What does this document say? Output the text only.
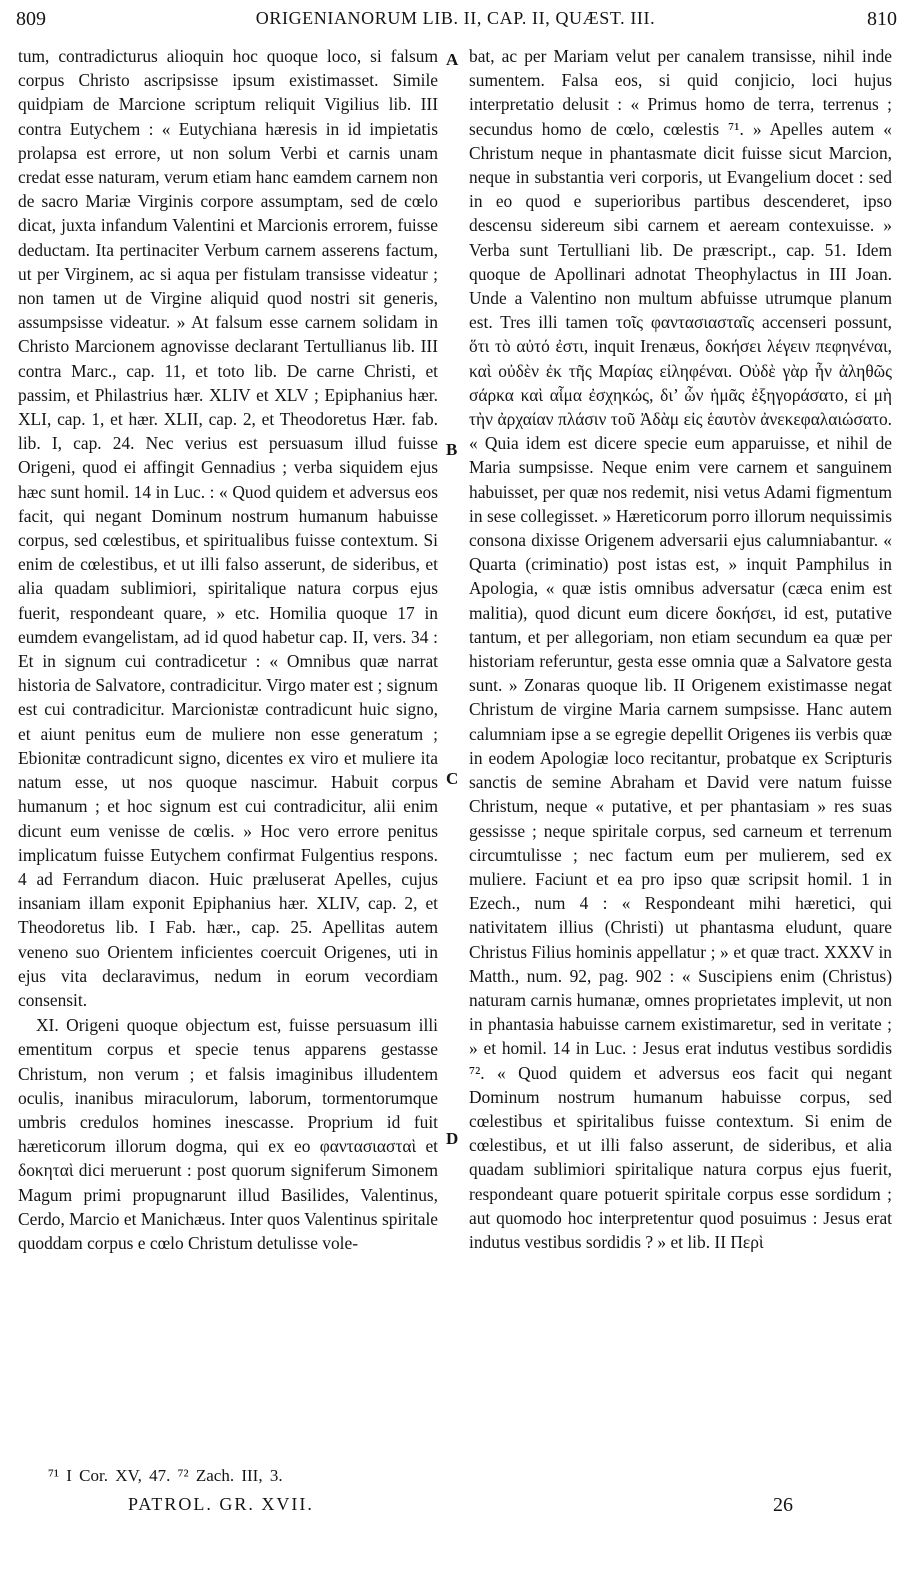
809	ORIGENIANORUM LIB. II, CAP. II, QUÆST. III.	810

tum, contradicturus alioquin hoc quoque loco, si falsum corpus Christo ascripsisse ipsum existimasset. Simile quidpiam de Marcione scriptum reliquit Vigilius lib. III contra Eutychem : « Eutychiana hæresis in id impietatis prolapsa est errore, ut non solum Verbi et carnis unam credat esse naturam, verum etiam hanc eamdem carnem non de sacro Mariæ Virginis corpore assumptam, sed de cœlo dicat, juxta infandum Valentini et Marcionis errorem, fuisse deductam. Ita pertinaciter Verbum carnem asserens factum, ut per Virginem, ac si aqua per fistulam transisse videatur ; non tamen ut de Virgine aliquid quod nostri sit generis, assumpsisse videatur. » At falsum esse carnem solidam in Christo Marcionem agnovisse declarant Tertullianus lib. III contra Marc., cap. 11, et toto lib. De carne Christi, et passim, et Philastrius hær. XLIV et XLV ; Epiphanius hær. XLI, cap. 1, et hær. XLII, cap. 2, et Theodoretus Hær. fab. lib. I, cap. 24. Nec verius est persuasum illud fuisse Origeni, quod ei affingit Gennadius ; verba siquidem ejus hæc sunt homil. 14 in Luc. : « Quod quidem et adversus eos facit, qui negant Dominum nostrum humanum habuisse corpus, sed cœlestibus, et spiritualibus fuisse contextum. Si enim de cœlestibus, et ut illi falso asserunt, de sideribus, et alia quadam sublimiori, spiritalique natura corpus ejus fuerit, respondeant quare, » etc. Homilia quoque 17 in eumdem evangelistam, ad id quod habetur cap. II, vers. 34 : Et in signum cui contradicetur : « Omnibus quæ narrat historia de Salvatore, contradicitur. Virgo mater est ; signum est cui contradicitur. Marcionistæ contradicunt huic signo, et aiunt penitus eum de muliere non esse generatum ; Ebionitæ contradicunt signo, dicentes ex viro et muliere ita natum esse, ut nos quoque nascimur. Habuit corpus humanum ; et hoc signum est cui contradicitur, alii enim dicunt eum venisse de cœlis. » Hoc vero errore penitus implicatum fuisse Eutychem confirmat Fulgentius respons. 4 ad Ferrandum diacon. Huic præluserat Apelles, cujus insaniam illam exponit Epiphanius hær. XLIV, cap. 2, et Theodoretus lib. I Fab. hær., cap. 25. Apellitas autem veneno suo Orientem inficientes coercuit Origenes, uti in ejus vita declaravimus, nedum in eorum vecordiam consensit.

XI. Origeni quoque objectum est, fuisse persuasum illi ementitum corpus et specie tenus apparens gestasse Christum, non verum ; et falsis imaginibus illudentem oculis, inanibus miraculorum, laborum, tormentorumque umbris credulos homines inescasse. Proprium id fuit hæreticorum illorum dogma, qui ex eo φαντασιασταὶ et δοκηταὶ dici meruerunt : post quorum signiferum Simonem Magum primi propugnarunt illud Basilides, Valentinus, Cerdo, Marcio et Manichæus. Inter quos Valentinus spiritale quoddam corpus e cœlo Christum detulisse vole-

bat, ac per Mariam velut per canalem transisse, nihil inde sumentem. Falsa eos, si quid conjicio, loci hujus interpretatio delusit : « Primus homo de terra, terrenus ; secundus homo de cœlo, cœlestis ⁷¹. » Apelles autem « Christum neque in phantasmate dicit fuisse sicut Marcion, neque in substantia veri corporis, ut Evangelium docet : sed in eo quod e superioribus partibus descenderet, ipso descensu sidereum sibi carnem et aeream contexuisse. » Verba sunt Tertulliani lib. De præscript., cap. 51. Idem quoque de Apollinari adnotat Theophylactus in III Joan. Unde a Valentino non multum abfuisse utrumque planum est. Tres illi tamen τοῖς φαντασιασταῖς accenseri possunt, ὅτι τὸ αὐτό ἐστι, inquit Irenæus, δοκήσει λέγειν πεφηνέναι, καὶ οὐδὲν ἐκ τῆς Μαρίας εἰληφέναι. Οὐδὲ γὰρ ἦν ἀληθῶς σάρκα καὶ αἷμα ἐσχηκώς, δι’ ὧν ἡμᾶς ἐξηγοράσατο, εἰ μὴ τὴν ἀρχαίαν πλάσιν τοῦ Ἀδὰμ εἰς ἑαυτὸν ἀνεκεφαλαιώσατο. « Quia idem est dicere specie eum apparuisse, et nihil de Maria sumpsisse. Neque enim vere carnem et sanguinem habuisset, per quæ nos redemit, nisi vetus Adami figmentum in sese collegisset. » Hæreticorum porro illorum nequissimis consona dixisse Origenem adversarii ejus calumniabantur. « Quarta (criminatio) post istas est, » inquit Pamphilus in Apologia, « quæ istis omnibus adversatur (cæca enim est malitia), quod dicunt eum dicere δοκήσει, id est, putative tantum, et per allegoriam, non etiam secundum ea quæ per historiam referuntur, gesta esse omnia quæ a Salvatore gesta sunt. » Zonaras quoque lib. II Origenem existimasse negat Christum de virgine Maria carnem sumpsisse. Hanc autem calumniam ipse a se egregie depellit Origenes iis verbis quæ in eodem Apologiæ loco recitantur, probatque ex Scripturis sanctis de semine Abraham et David vere natum fuisse Christum, neque « putative, et per phantasiam » res suas gessisse ; neque spiritale corpus, sed carneum et terrenum circumtulisse ; nec factum eum per mulierem, sed ex muliere. Faciunt et ea pro ipso quæ scripsit homil. 1 in Ezech., num 4 : « Respondeant mihi hæretici, qui nativitatem illius (Christi) ut phantasma eludunt, quare Christus Filius hominis appellatur ; » et quæ tract. XXXV in Matth., num. 92, pag. 902 : « Suscipiens enim (Christus) naturam carnis humanæ, omnes proprietates implevit, ut non in phantasia habuisse carnem existimaretur, sed in veritate ; » et homil. 14 in Luc. : Jesus erat indutus vestibus sordidis ⁷². « Quod quidem et adversus eos facit qui negant Dominum nostrum humanum habuisse corpus, sed cœlestibus et spiritalibus fuisse contextum. Si enim de cœlestibus, et ut illi falso asserunt, de sideribus, et alia quadam sublimiori spiritalique natura corpus ejus fuerit, respondeant quare potuerit spiritale corpus esse sordidum ; aut quomodo hoc interpretentur quod posuimus : Jesus erat indutus vestibus sordidis ? » et lib. II Περὶ

A
B
C
D
⁷¹ I Cor. XV, 47. ⁷² Zach. III, 3.
PATROL. GR. XVII.	26
